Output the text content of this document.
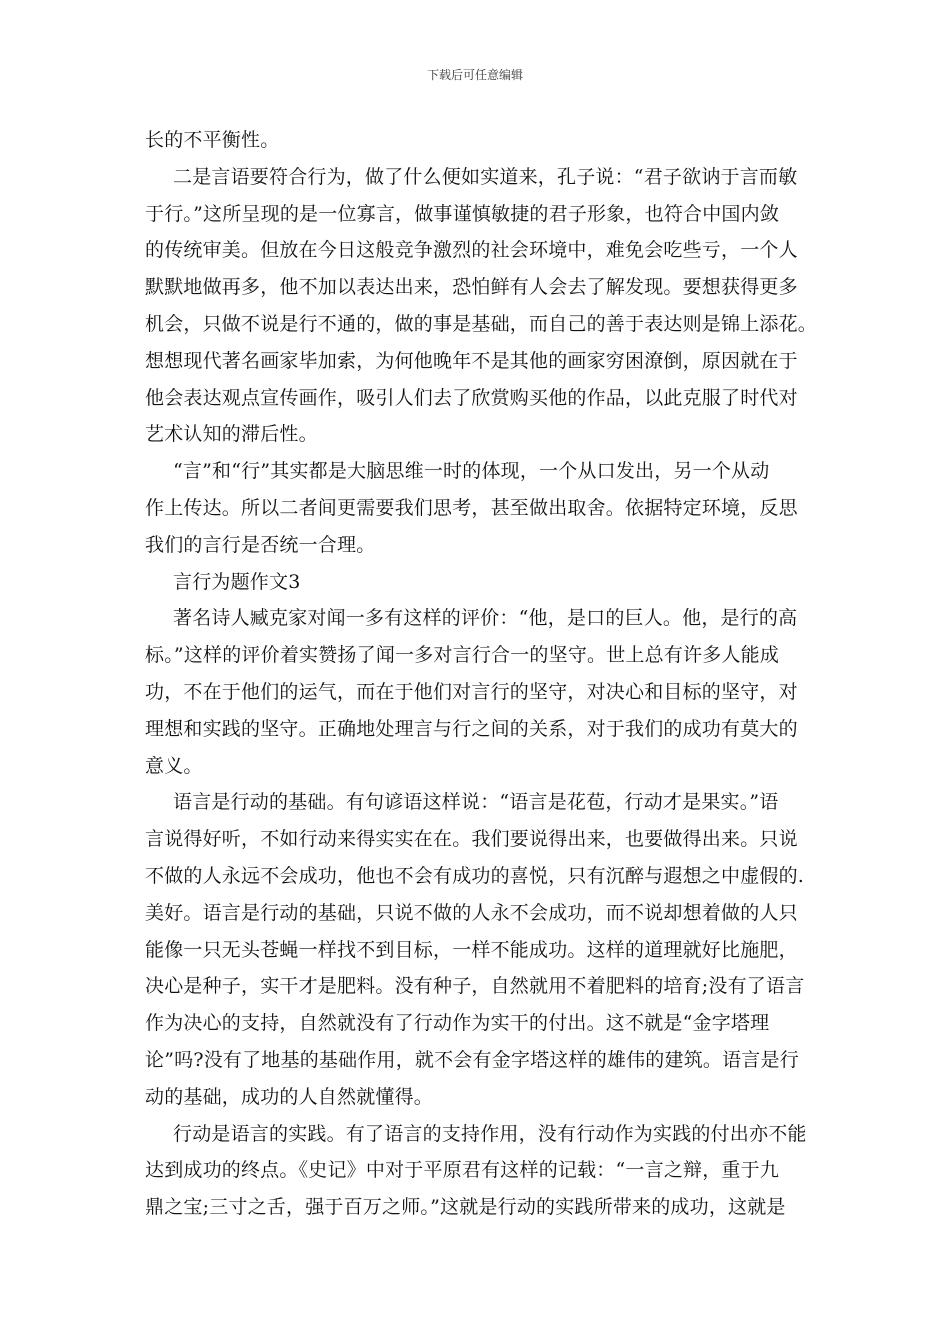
下载后可任意编辑
长的不平衡性。
二是言语要符合行为，做了什么便如实道来，孔子说：“君子欲讷于言而敏
于行。”这所呈现的是一位寡言，做事谨慎敏捷的君子形象，也符合中国内敛
的传统审美。但放在今日这般竞争激烈的社会环境中，难免会吃些亏，一个人
默默地做再多，他不加以表达出来，恐怕鲜有人会去了解发现。要想获得更多
机会，只做不说是行不通的，做的事是基础，而自己的善于表达则是锦上添花。
想想现代著名画家毕加索，为何他晚年不是其他的画家穷困潦倒，原因就在于
他会表达观点宣传画作，吸引人们去了欣赏购买他的作品，以此克服了时代对
艺术认知的滞后性。
“言”和“行”其实都是大脑思维一时的体现，一个从口发出，另一个从动
作上传达。所以二者间更需要我们思考，甚至做出取舍。依据特定环境，反思
我们的言行是否统一合理。
言行为题作文3
著名诗人臧克家对闻一多有这样的评价：“他，是口的巨人。他，是行的高
标。”这样的评价着实赞扬了闻一多对言行合一的坚守。世上总有许多人能成
功，不在于他们的运气，而在于他们对言行的坚守，对决心和目标的坚守，对
理想和实践的坚守。正确地处理言与行之间的关系，对于我们的成功有莫大的
意义。
语言是行动的基础。有句谚语这样说：“语言是花苞，行动才是果实。”语
言说得好听，不如行动来得实实在在。我们要说得出来，也要做得出来。只说
不做的人永远不会成功，他也不会有成功的喜悦，只有沉醉与遐想之中虚假的.
美好。语言是行动的基础，只说不做的人永不会成功，而不说却想着做的人只
能像一只无头苍蝇一样找不到目标，一样不能成功。这样的道理就好比施肥，
决心是种子，实干才是肥料。没有种子，自然就用不着肥料的培育;没有了语言
作为决心的支持，自然就没有了行动作为实干的付出。这不就是“金字塔理
论”吗?没有了地基的基础作用，就不会有金字塔这样的雄伟的建筑。语言是行
动的基础，成功的人自然就懂得。
行动是语言的实践。有了语言的支持作用，没有行动作为实践的付出亦不能
达到成功的终点。《史记》中对于平原君有这样的记载：“一言之辩，重于九
鼎之宝;三寸之舌，强于百万之师。”这就是行动的实践所带来的成功，这就是
